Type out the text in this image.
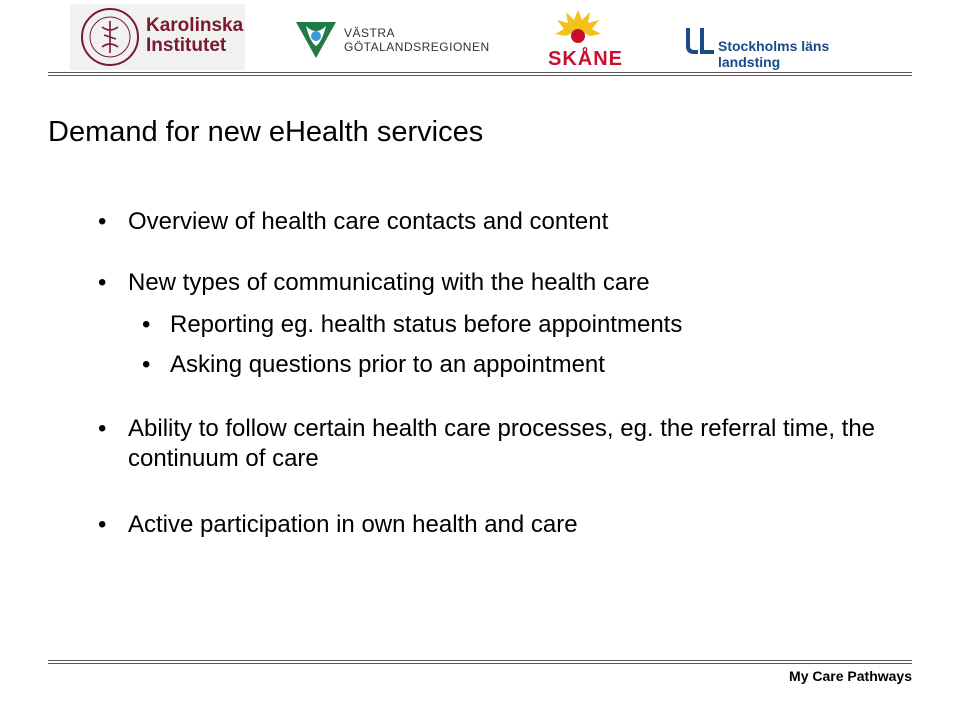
Karolinska
Institutet
VÄSTRA
GÖTALANDSREGIONEN
SKÅNE
Stockholms läns landsting
Demand for new eHealth services
• Overview of health care contacts and content
• New types of communicating with the health care
• Reporting eg. health status before appointments
• Asking questions prior to an appointment
• Ability to follow certain health care processes, eg. the referral time, the continuum of care
• Active participation in own health and care
My Care Pathways
